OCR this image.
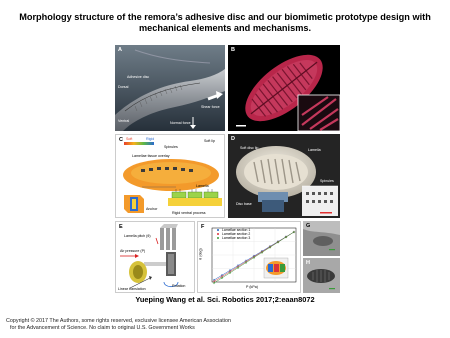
Morphology structure of the remora’s adhesive disc and our biomimetic prototype design with
mechanical elements and mechanisms.
A
Adhesive disc
Dorsal
Ventral	Normal force
Shear force
B
C Soft	Rigid
Spinules
Soft lip
Lamellae tissue overlay
Lamella
Anchor
Rigid ventral process
D
Soft disc lip	Lamella
Spinules
Disc base
E
Lamella pitch (θ)
Air pressure (P)
Rotation
Linear translation
F	Lamellae section 1
Lamellae section 2
Lamellae section 3
P (kPa)
θ (deg)
G
H
Yueping Wang et al. Sci. Robotics 2017;2:eaan8072
Copyright © 2017 The Authors, some rights reserved, exclusive licensee American Association
for the Advancement of Science. No claim to original U.S. Government Works
